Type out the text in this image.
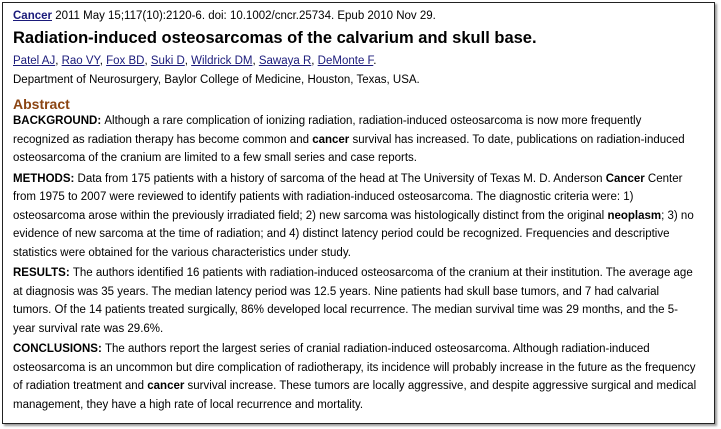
Cancer 2011 May 15;117(10):2120-6. doi: 10.1002/cncr.25734. Epub 2010 Nov 29.
Radiation-induced osteosarcomas of the calvarium and skull base.
Patel AJ, Rao VY, Fox BD, Suki D, Wildrick DM, Sawaya R, DeMonte F.
Department of Neurosurgery, Baylor College of Medicine, Houston, Texas, USA.
Abstract
BACKGROUND: Although a rare complication of ionizing radiation, radiation-induced osteosarcoma is now more frequently
recognized as radiation therapy has become common and cancer survival has increased. To date, publications on radiation-induced
osteosarcoma of the cranium are limited to a few small series and case reports.
METHODS: Data from 175 patients with a history of sarcoma of the head at The University of Texas M. D. Anderson Cancer Center
from 1975 to 2007 were reviewed to identify patients with radiation-induced osteosarcoma. The diagnostic criteria were: 1)
osteosarcoma arose within the previously irradiated field; 2) new sarcoma was histologically distinct from the original neoplasm; 3) no
evidence of new sarcoma at the time of radiation; and 4) distinct latency period could be recognized. Frequencies and descriptive
statistics were obtained for the various characteristics under study.
RESULTS: The authors identified 16 patients with radiation-induced osteosarcoma of the cranium at their institution. The average age
at diagnosis was 35 years. The median latency period was 12.5 years. Nine patients had skull base tumors, and 7 had calvarial
tumors. Of the 14 patients treated surgically, 86% developed local recurrence. The median survival time was 29 months, and the 5-
year survival rate was 29.6%.
CONCLUSIONS: The authors report the largest series of cranial radiation-induced osteosarcoma. Although radiation-induced
osteosarcoma is an uncommon but dire complication of radiotherapy, its incidence will probably increase in the future as the frequency
of radiation treatment and cancer survival increase. These tumors are locally aggressive, and despite aggressive surgical and medical
management, they have a high rate of local recurrence and mortality.
